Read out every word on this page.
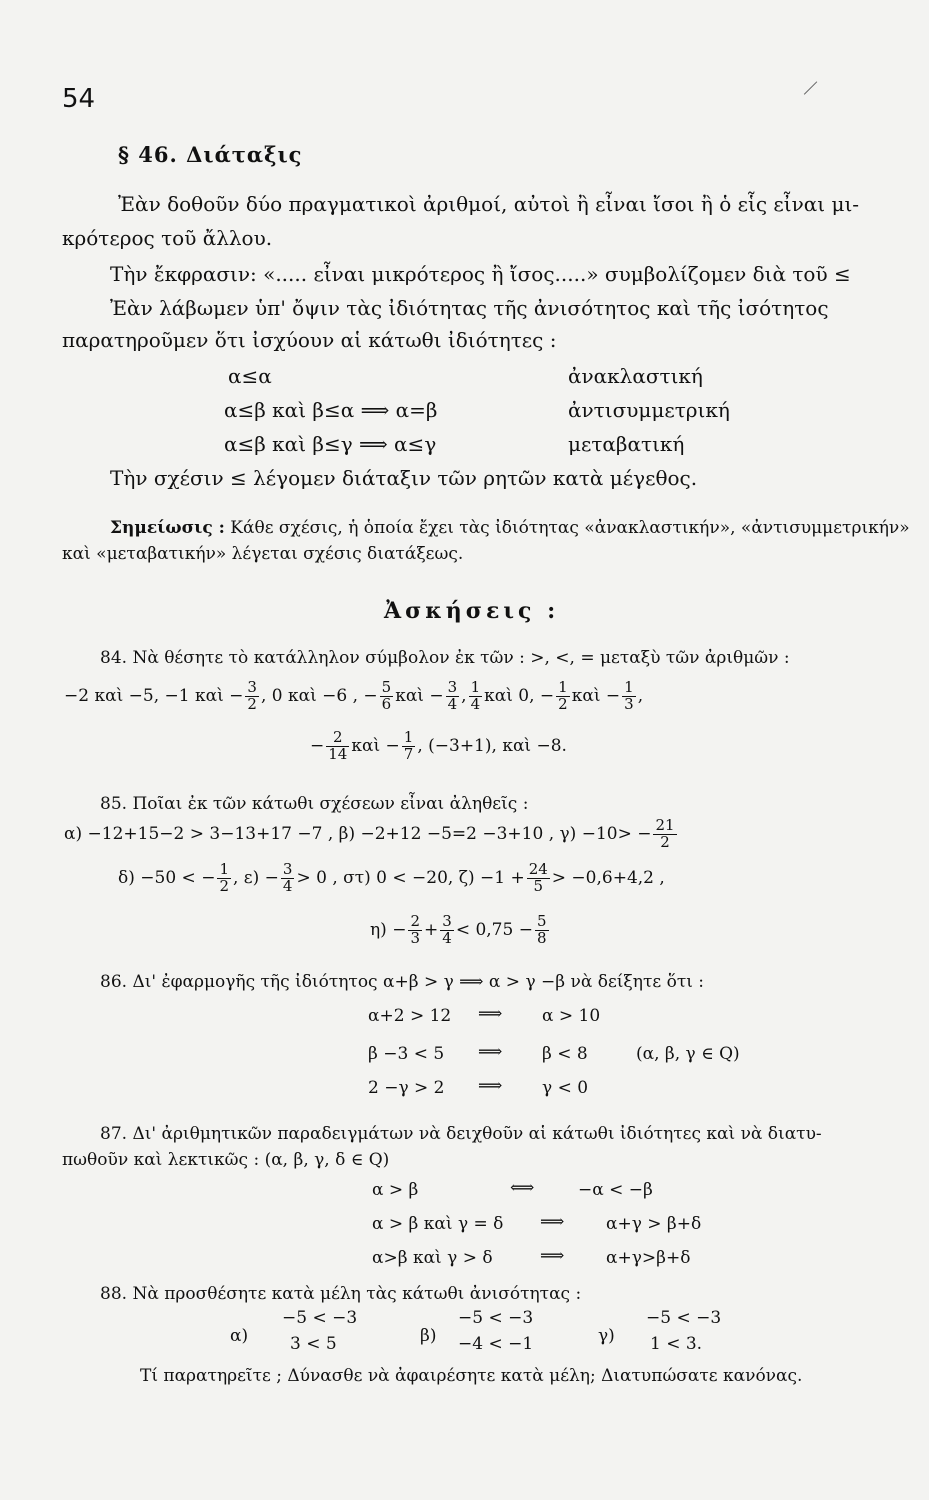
54
§ 46. Διάταξις
Ἐὰν δοθοῦν δύο πραγματικοὶ ἀριθμοί, αὐτοὶ ἢ εἶναι ἴσοι ἢ ὁ εἷς εἶναι μι-
κρότερος τοῦ ἄλλου.
Τὴν ἔκφρασιν: «..... εἶναι μικρότερος ἢ ἴσος.....» συμβολίζομεν διὰ τοῦ ≤
Ἐὰν λάβωμεν ὑπ' ὄψιν τὰς ἰδιότητας τῆς ἀνισότητος καὶ τῆς ἰσότητος
παρατηροῦμεν ὅτι ἰσχύουν αἱ κάτωθι ἰδιότητες :
α≤α	ἀνακλαστική
α≤β καὶ β≤α ⟹ α=β	ἀντισυμμετρική
α≤β καὶ β≤γ ⟹ α≤γ	μεταβατική
Τὴν σχέσιν ≤ λέγομεν διάταξιν τῶν ρητῶν κατὰ μέγεθος.
Σημείωσις : Κάθε σχέσις, ἡ ὁποία ἔχει τὰς ἰδιότητας «ἀνακλαστικήν», «ἀντισυμμετρικήν»
καὶ «μεταβατικήν» λέγεται σχέσις διατάξεως.
Ἀσκήσεις :
84. Νὰ θέσητε τὸ κατάλληλον σύμβολον ἐκ τῶν : >, <, = μεταξὺ τῶν ἀριθμῶν :
−2 καὶ −5, −1 καὶ − $\frac{3}{2}$ , 0 καὶ −6 , − $\frac{5}{6}$ καὶ − $\frac{3}{4}$ , $\frac{1}{4}$ καὶ 0, − $\frac{1}{2}$ καὶ − $\frac{1}{3}$ ,
− $\frac{2}{14}$ καὶ − $\frac{1}{7}$ , (−3+1), καὶ −8.
85. Ποῖαι ἐκ τῶν κάτωθι σχέσεων εἶναι ἀληθεῖς :
α) −12+15−2 > 3−13+17 −7 , β) −2+12 −5=2 −3+10 , $\gamma) -10> - \frac{21}{2}$
δ) −50 < − $\frac{1}{2}$ , $\varepsilon) - \frac{3}{4} > 0$ , στ) 0 < −20, $\zeta) -1 + \frac{24}{5} > -0,6+4,2$ ,
$\eta) - \frac{2}{3} + \frac{3}{4} < 0,75 - \frac{5}{8}$
86. Δι' ἐφαρμογῆς τῆς ἰδιότητος α+β > γ ⟹ α > γ −β νὰ δείξητε ὅτι :
α+2 > 12 ⟹ α > 10
β −3 < 5 ⟹ β < 8	(α, β, γ ∈ Q)
2 −γ > 2 ⟹ γ < 0
87. Δι' ἀριθμητικῶν παραδειγμάτων νὰ δειχθοῦν αἱ κάτωθι ἰδιότητες καὶ νὰ διατυ-
πωθοῦν καὶ λεκτικῶς : (α, β, γ, δ ∈ Q)
α > β	⟺	−α < −β
α > β καὶ γ = δ ⟹ α+γ > β+δ
α>β καὶ γ > δ	⟹ α+γ>β+δ
88. Νὰ προσθέσητε κατὰ μέλη τὰς κάτωθι ἀνισότητας :
α)
−5 < −3
3 < 5	β)
−5 < −3
−4 < −1	γ)
−5 < −3
1 < 3.
Τί παρατηρεῖτε ; Δύνασθε νὰ ἀφαιρέσητε κατὰ μέλη; Διατυπώσατε κανόνας.
